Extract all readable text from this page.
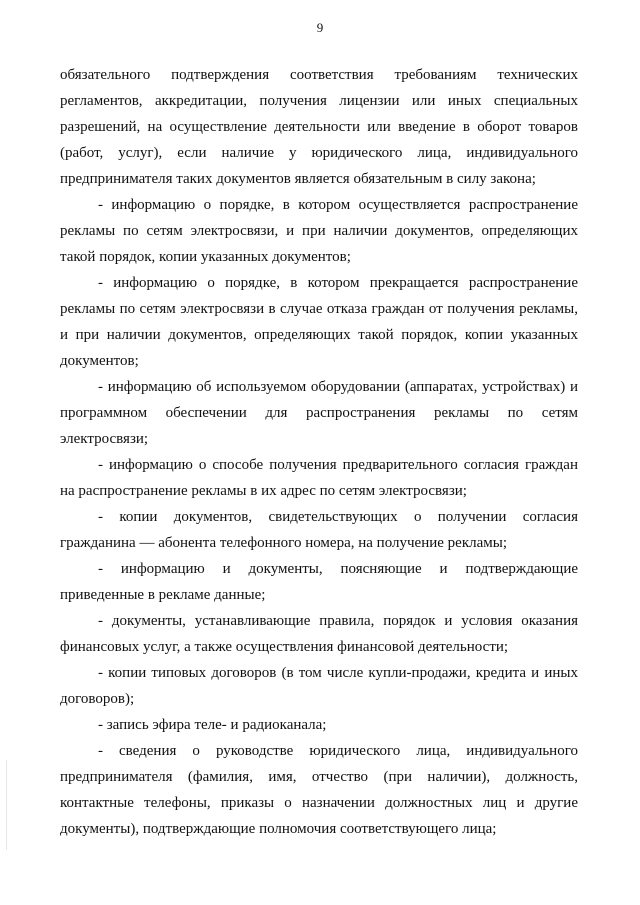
9

обязательного подтверждения соответствия требованиям технических регламентов, аккредитации, получения лицензии или иных специальных разрешений, на осуществление деятельности или введение в оборот товаров (работ, услуг), если наличие у юридического лица, индивидуального предпринимателя таких документов является обязательным в силу закона;

- информацию о порядке, в котором осуществляется распространение рекламы по сетям электросвязи, и при наличии документов, определяющих такой порядок, копии указанных документов;

- информацию о порядке, в котором прекращается распространение рекламы по сетям электросвязи в случае отказа граждан от получения рекламы, и при наличии документов, определяющих такой порядок, копии указанных документов;

- информацию об используемом оборудовании (аппаратах, устройствах) и программном обеспечении для распространения рекламы по сетям электросвязи;

- информацию о способе получения предварительного согласия граждан на распространение рекламы в их адрес по сетям электросвязи;

- копии документов, свидетельствующих о получении согласия гражданина — абонента телефонного номера, на получение рекламы;

- информацию и документы, поясняющие и подтверждающие приведенные в рекламе данные;

- документы, устанавливающие правила, порядок и условия оказания финансовых услуг, а также осуществления финансовой деятельности;

- копии типовых договоров (в том числе купли-продажи, кредита и иных договоров);

- запись эфира теле- и радиоканала;

- сведения о руководстве юридического лица, индивидуального предпринимателя (фамилия, имя, отчество (при наличии), должность, контактные телефоны, приказы о назначении должностных лиц и другие документы), подтверждающие полномочия соответствующего лица;
